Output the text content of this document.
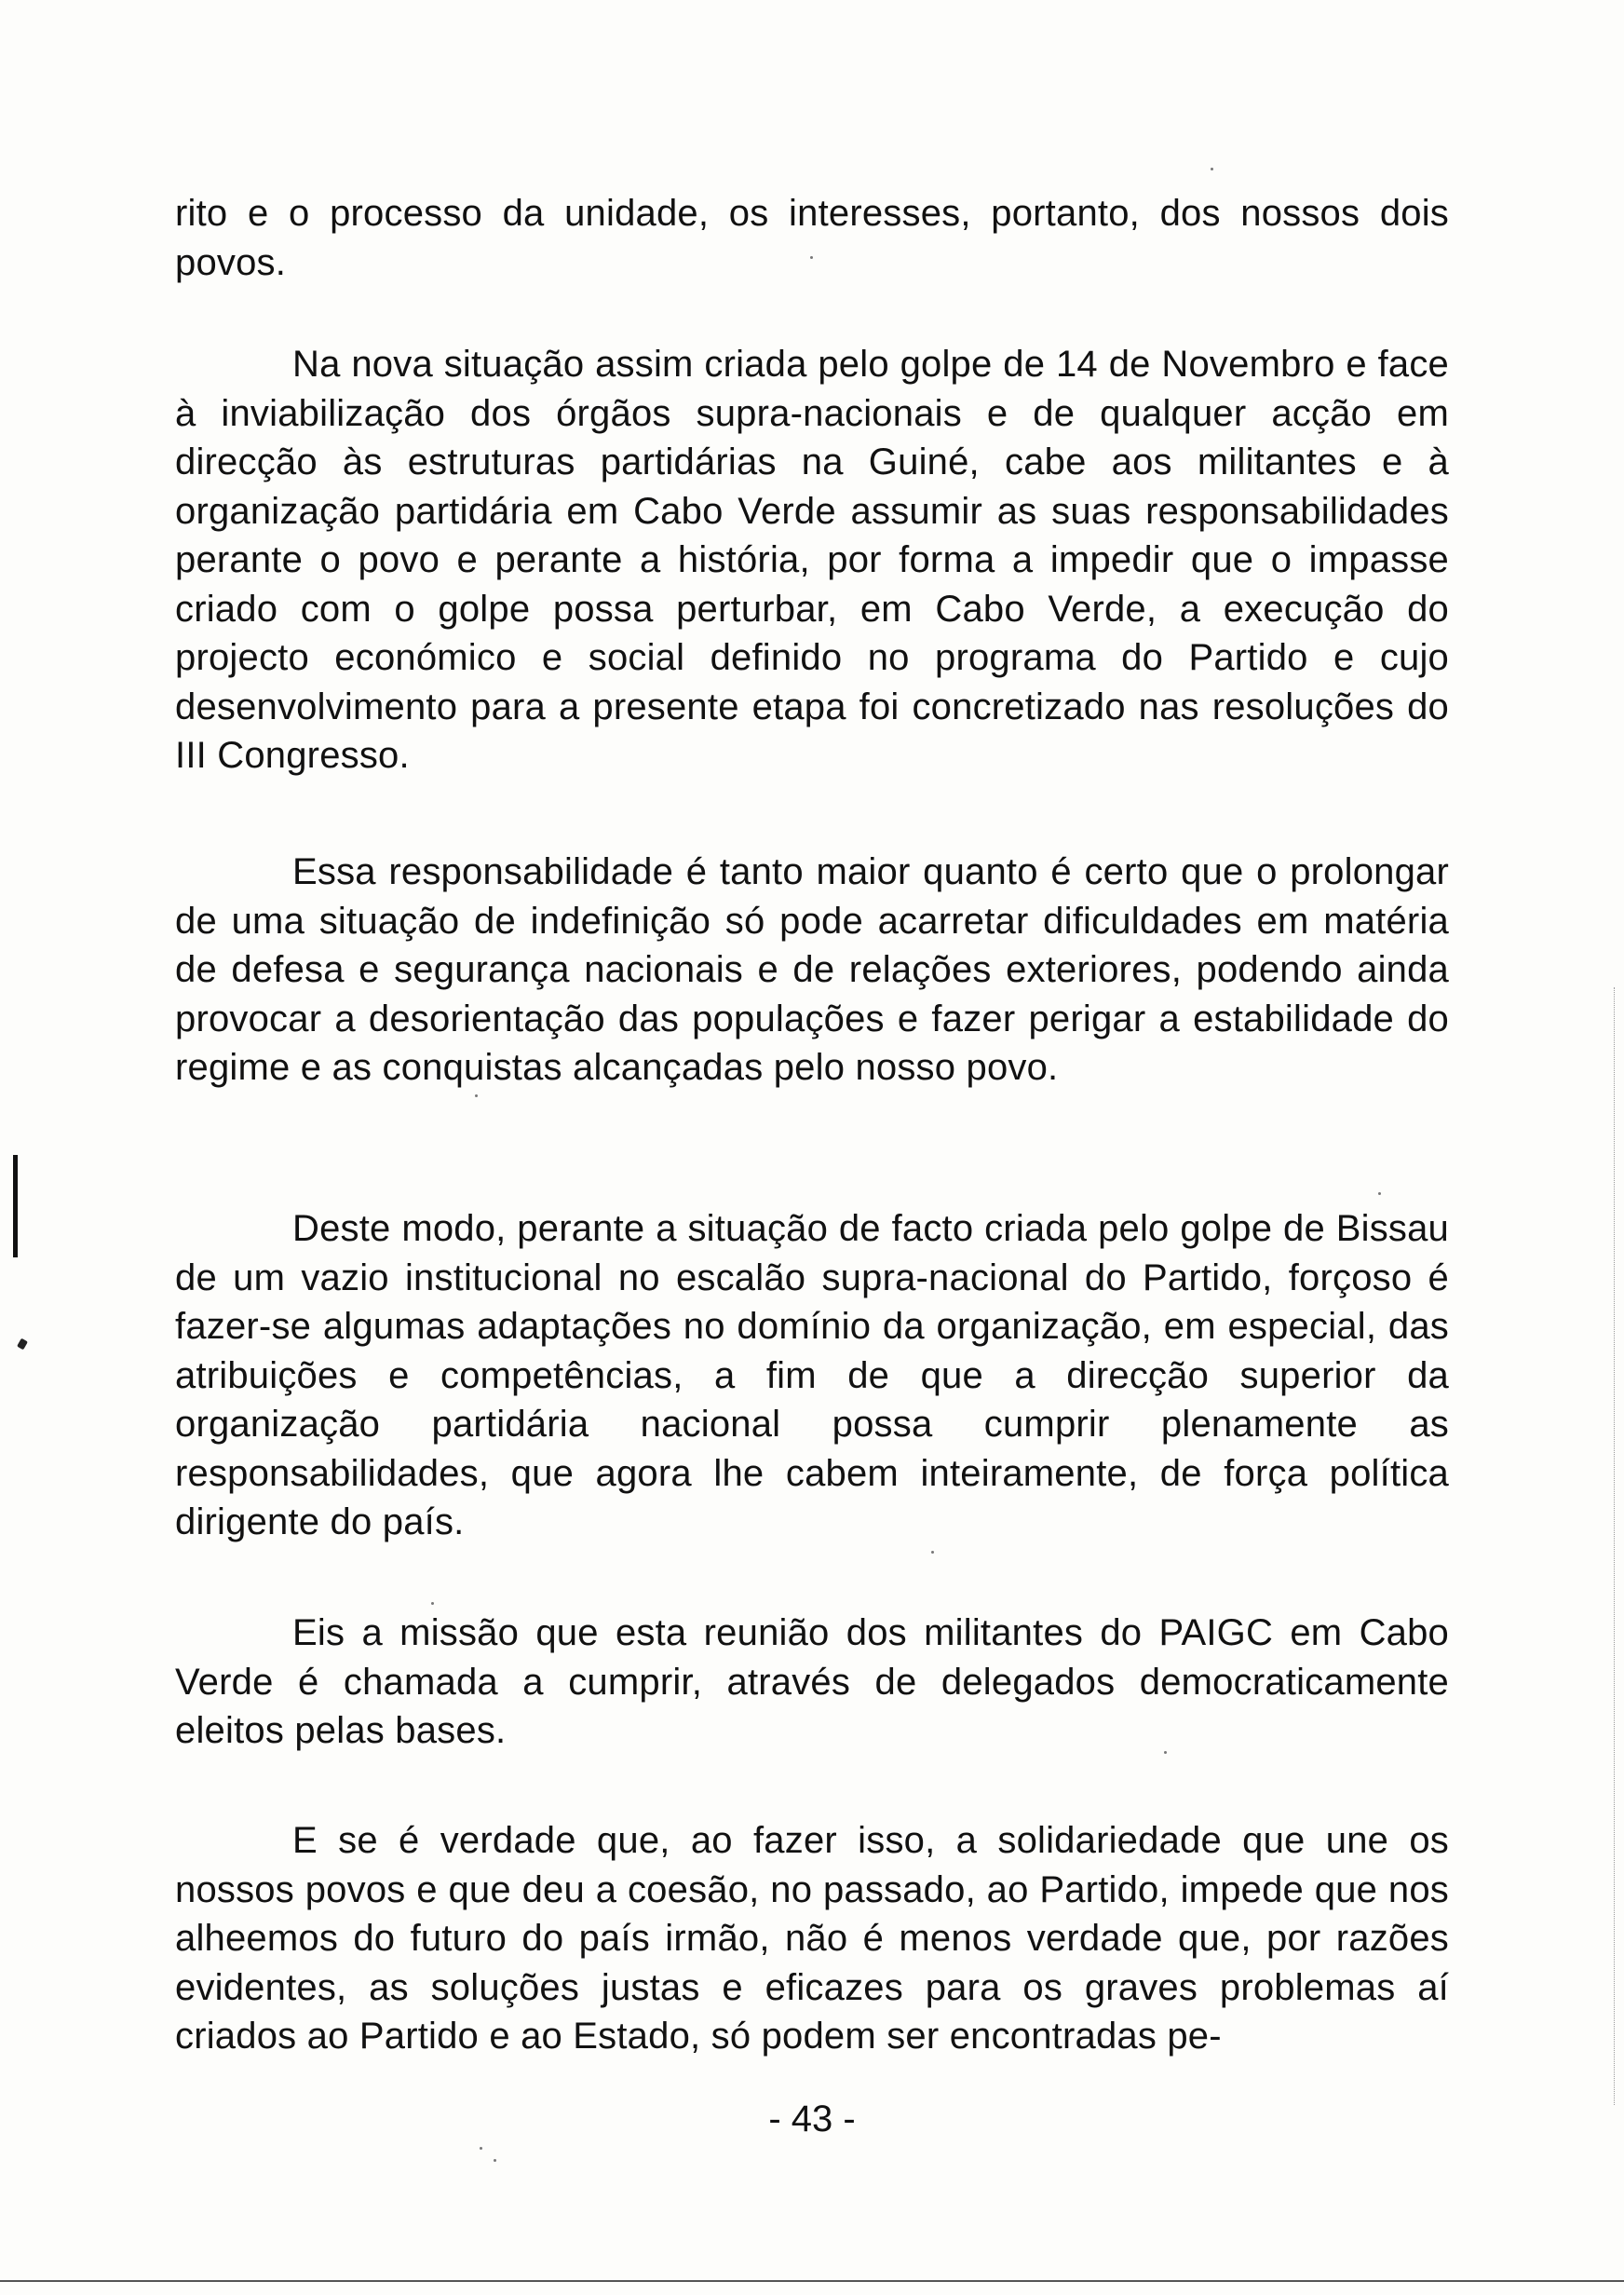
rito e o processo da unidade, os interesses, portanto, dos nossos dois povos.

Na nova situação assim criada pelo golpe de 14 de Novembro e face à inviabilização dos órgãos supra-nacionais e de qualquer acção em direcção às estruturas partidárias na Guiné, cabe aos militantes e à organização partidária em Cabo Verde assumir as suas responsabilidades perante o povo e perante a história, por forma a impedir que o impasse criado com o golpe possa perturbar, em Cabo Verde, a execução do projecto económico e social definido no programa do Partido e cujo desenvolvimento para a presente etapa foi concretizado nas resoluções do III Congresso.

Essa responsabilidade é tanto maior quanto é certo que o prolongar de uma situação de indefinição só pode acarretar dificuldades em matéria de defesa e segurança nacionais e de relações exteriores, podendo ainda provocar a desorientação das populações e fazer perigar a estabilidade do regime e as conquistas alcançadas pelo nosso povo.

Deste modo, perante a situação de facto criada pelo golpe de Bissau de um vazio institucional no escalão supra-nacional do Partido, forçoso é fazer-se algumas adaptações no domínio da organização, em especial, das atribuições e competências, a fim de que a direcção superior da organização partidária nacional possa cumprir plenamente as responsabilidades, que agora lhe cabem inteiramente, de força política dirigente do país.

Eis a missão que esta reunião dos militantes do PAIGC em Cabo Verde é chamada a cumprir, através de delegados democraticamente eleitos pelas bases.

E se é verdade que, ao fazer isso, a solidariedade que une os nossos povos e que deu a coesão, no passado, ao Partido, impede que nos alheemos do futuro do país irmão, não é menos verdade que, por razões evidentes, as soluções justas e eficazes para os graves problemas aí criados ao Partido e ao Estado, só podem ser encontradas pe-

- 43 -
